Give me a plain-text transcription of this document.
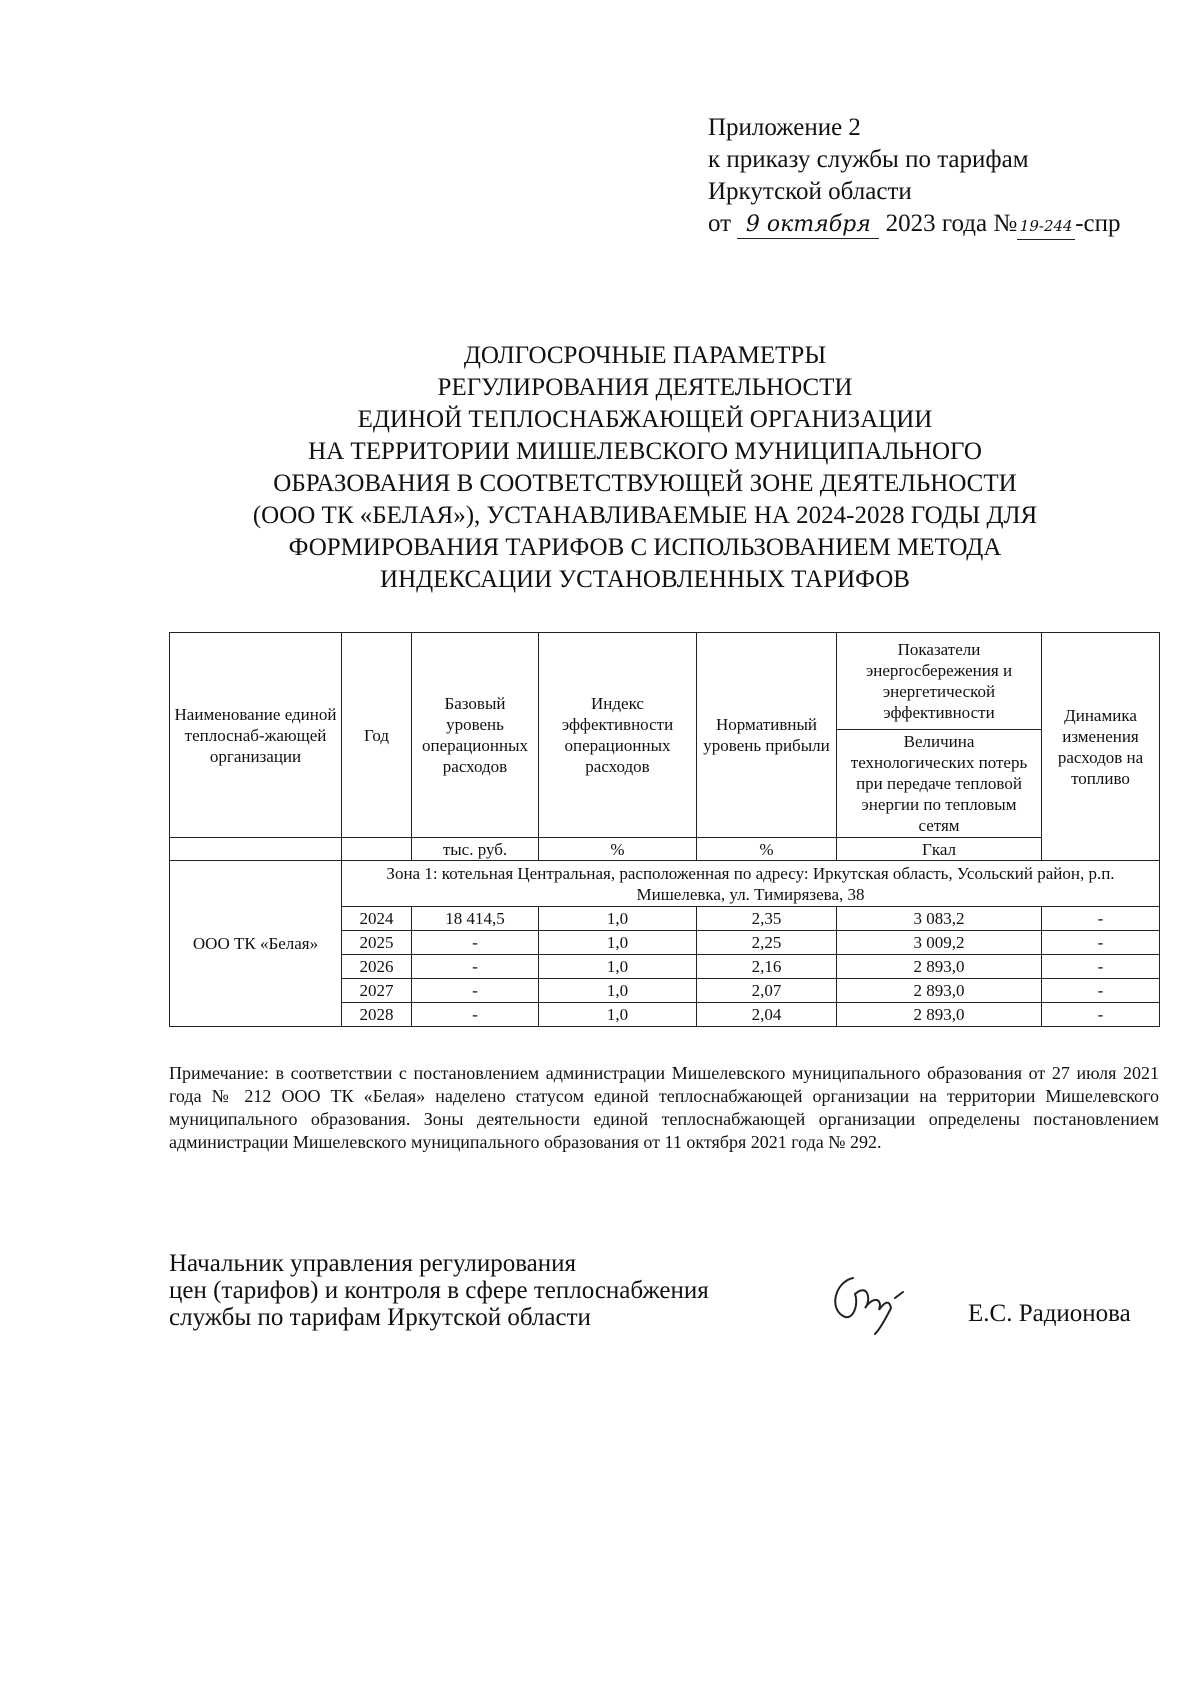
Приложение 2
к приказу службы по тарифам
Иркутской области
от 9 октября 2023 года № 19-244 -спр
ДОЛГОСРОЧНЫЕ ПАРАМЕТРЫ
РЕГУЛИРОВАНИЯ ДЕЯТЕЛЬНОСТИ
ЕДИНОЙ ТЕПЛОСНАБЖАЮЩЕЙ ОРГАНИЗАЦИИ
НА ТЕРРИТОРИИ МИШЕЛЕВСКОГО МУНИЦИПАЛЬНОГО
ОБРАЗОВАНИЯ В СООТВЕТСТВУЮЩЕЙ ЗОНЕ ДЕЯТЕЛЬНОСТИ
(ООО ТК «БЕЛАЯ»), УСТАНАВЛИВАЕМЫЕ НА 2024-2028 ГОДЫ ДЛЯ
ФОРМИРОВАНИЯ ТАРИФОВ С ИСПОЛЬЗОВАНИЕМ МЕТОДА
ИНДЕКСАЦИИ УСТАНОВЛЕННЫХ ТАРИФОВ
Наименование единой теплоснаб-жающей организации	Год	Базовый уровень операционных расходов	Индекс эффективности операционных расходов	Нормативный уровень прибыли	Показатели энергосбережения и энергетической эффективности	Динамика изменения расходов на топливо
					Величина технологических потерь при передаче тепловой энергии по тепловым сетям	
		тыс. руб.	%	%	Гкал	
ООО ТК «Белая»	Зона 1: котельная Центральная, расположенная по адресу: Иркутская область, Усольский район, р.п. Мишелевка, ул. Тимирязева, 38					
	2024	18 414,5	1,0	2,35	3 083,2	-
	2025	-	1,0	2,25	3 009,2	-
	2026	-	1,0	2,16	2 893,0	-
	2027	-	1,0	2,07	2 893,0	-
	2028	-	1,0	2,04	2 893,0	-
Примечание: в соответствии с постановлением администрации Мишелевского муниципального образования от 27 июля 2021 года № 212 ООО ТК «Белая» наделено статусом единой теплоснабжающей организации на территории Мишелевского муниципального образования. Зоны деятельности единой теплоснабжающей организации определены постановлением администрации Мишелевского муниципального образования от 11 октября 2021 года № 292.
Начальник управления регулирования
цен (тарифов) и контроля в сфере теплоснабжения
службы по тарифам Иркутской области	Е.С. Радионова
